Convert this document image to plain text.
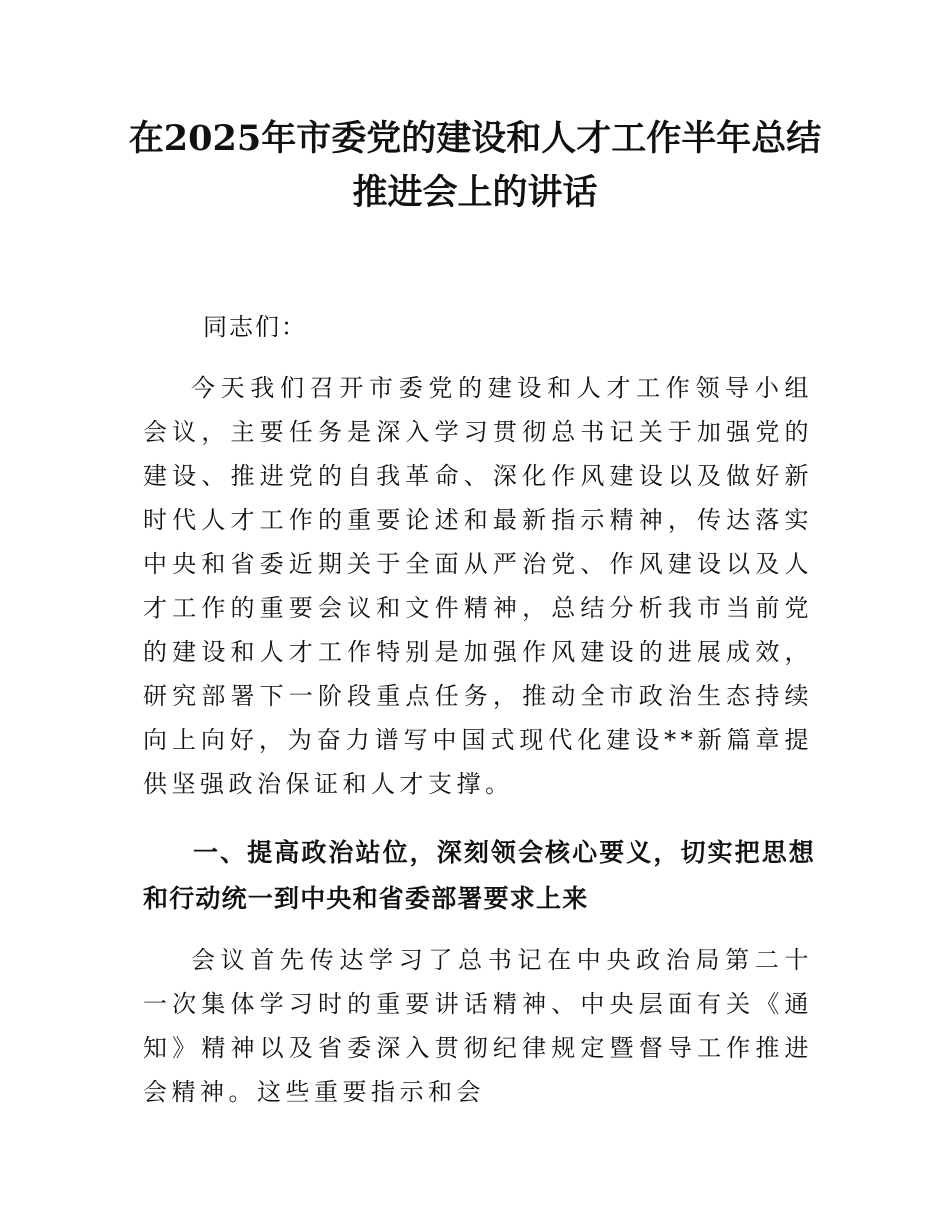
在2025年市委党的建设和人才工作半年总结
推进会上的讲话

同志们：

今天我们召开市委党的建设和人才工作领导小组会议，主要任务是深入学习贯彻总书记关于加强党的建设、推进党的自我革命、深化作风建设以及做好新时代人才工作的重要论述和最新指示精神，传达落实中央和省委近期关于全面从严治党、作风建设以及人才工作的重要会议和文件精神，总结分析我市当前党的建设和人才工作特别是加强作风建设的进展成效，研究部署下一阶段重点任务，推动全市政治生态持续向上向好，为奋力谱写中国式现代化建设**新篇章提供坚强政治保证和人才支撑。

一、提高政治站位，深刻领会核心要义，切实把思想和行动统一到中央和省委部署要求上来

会议首先传达学习了总书记在中央政治局第二十一次集体学习时的重要讲话精神、中央层面有关《通知》精神以及省委深入贯彻纪律规定暨督导工作推进会精神。这些重要指示和会
